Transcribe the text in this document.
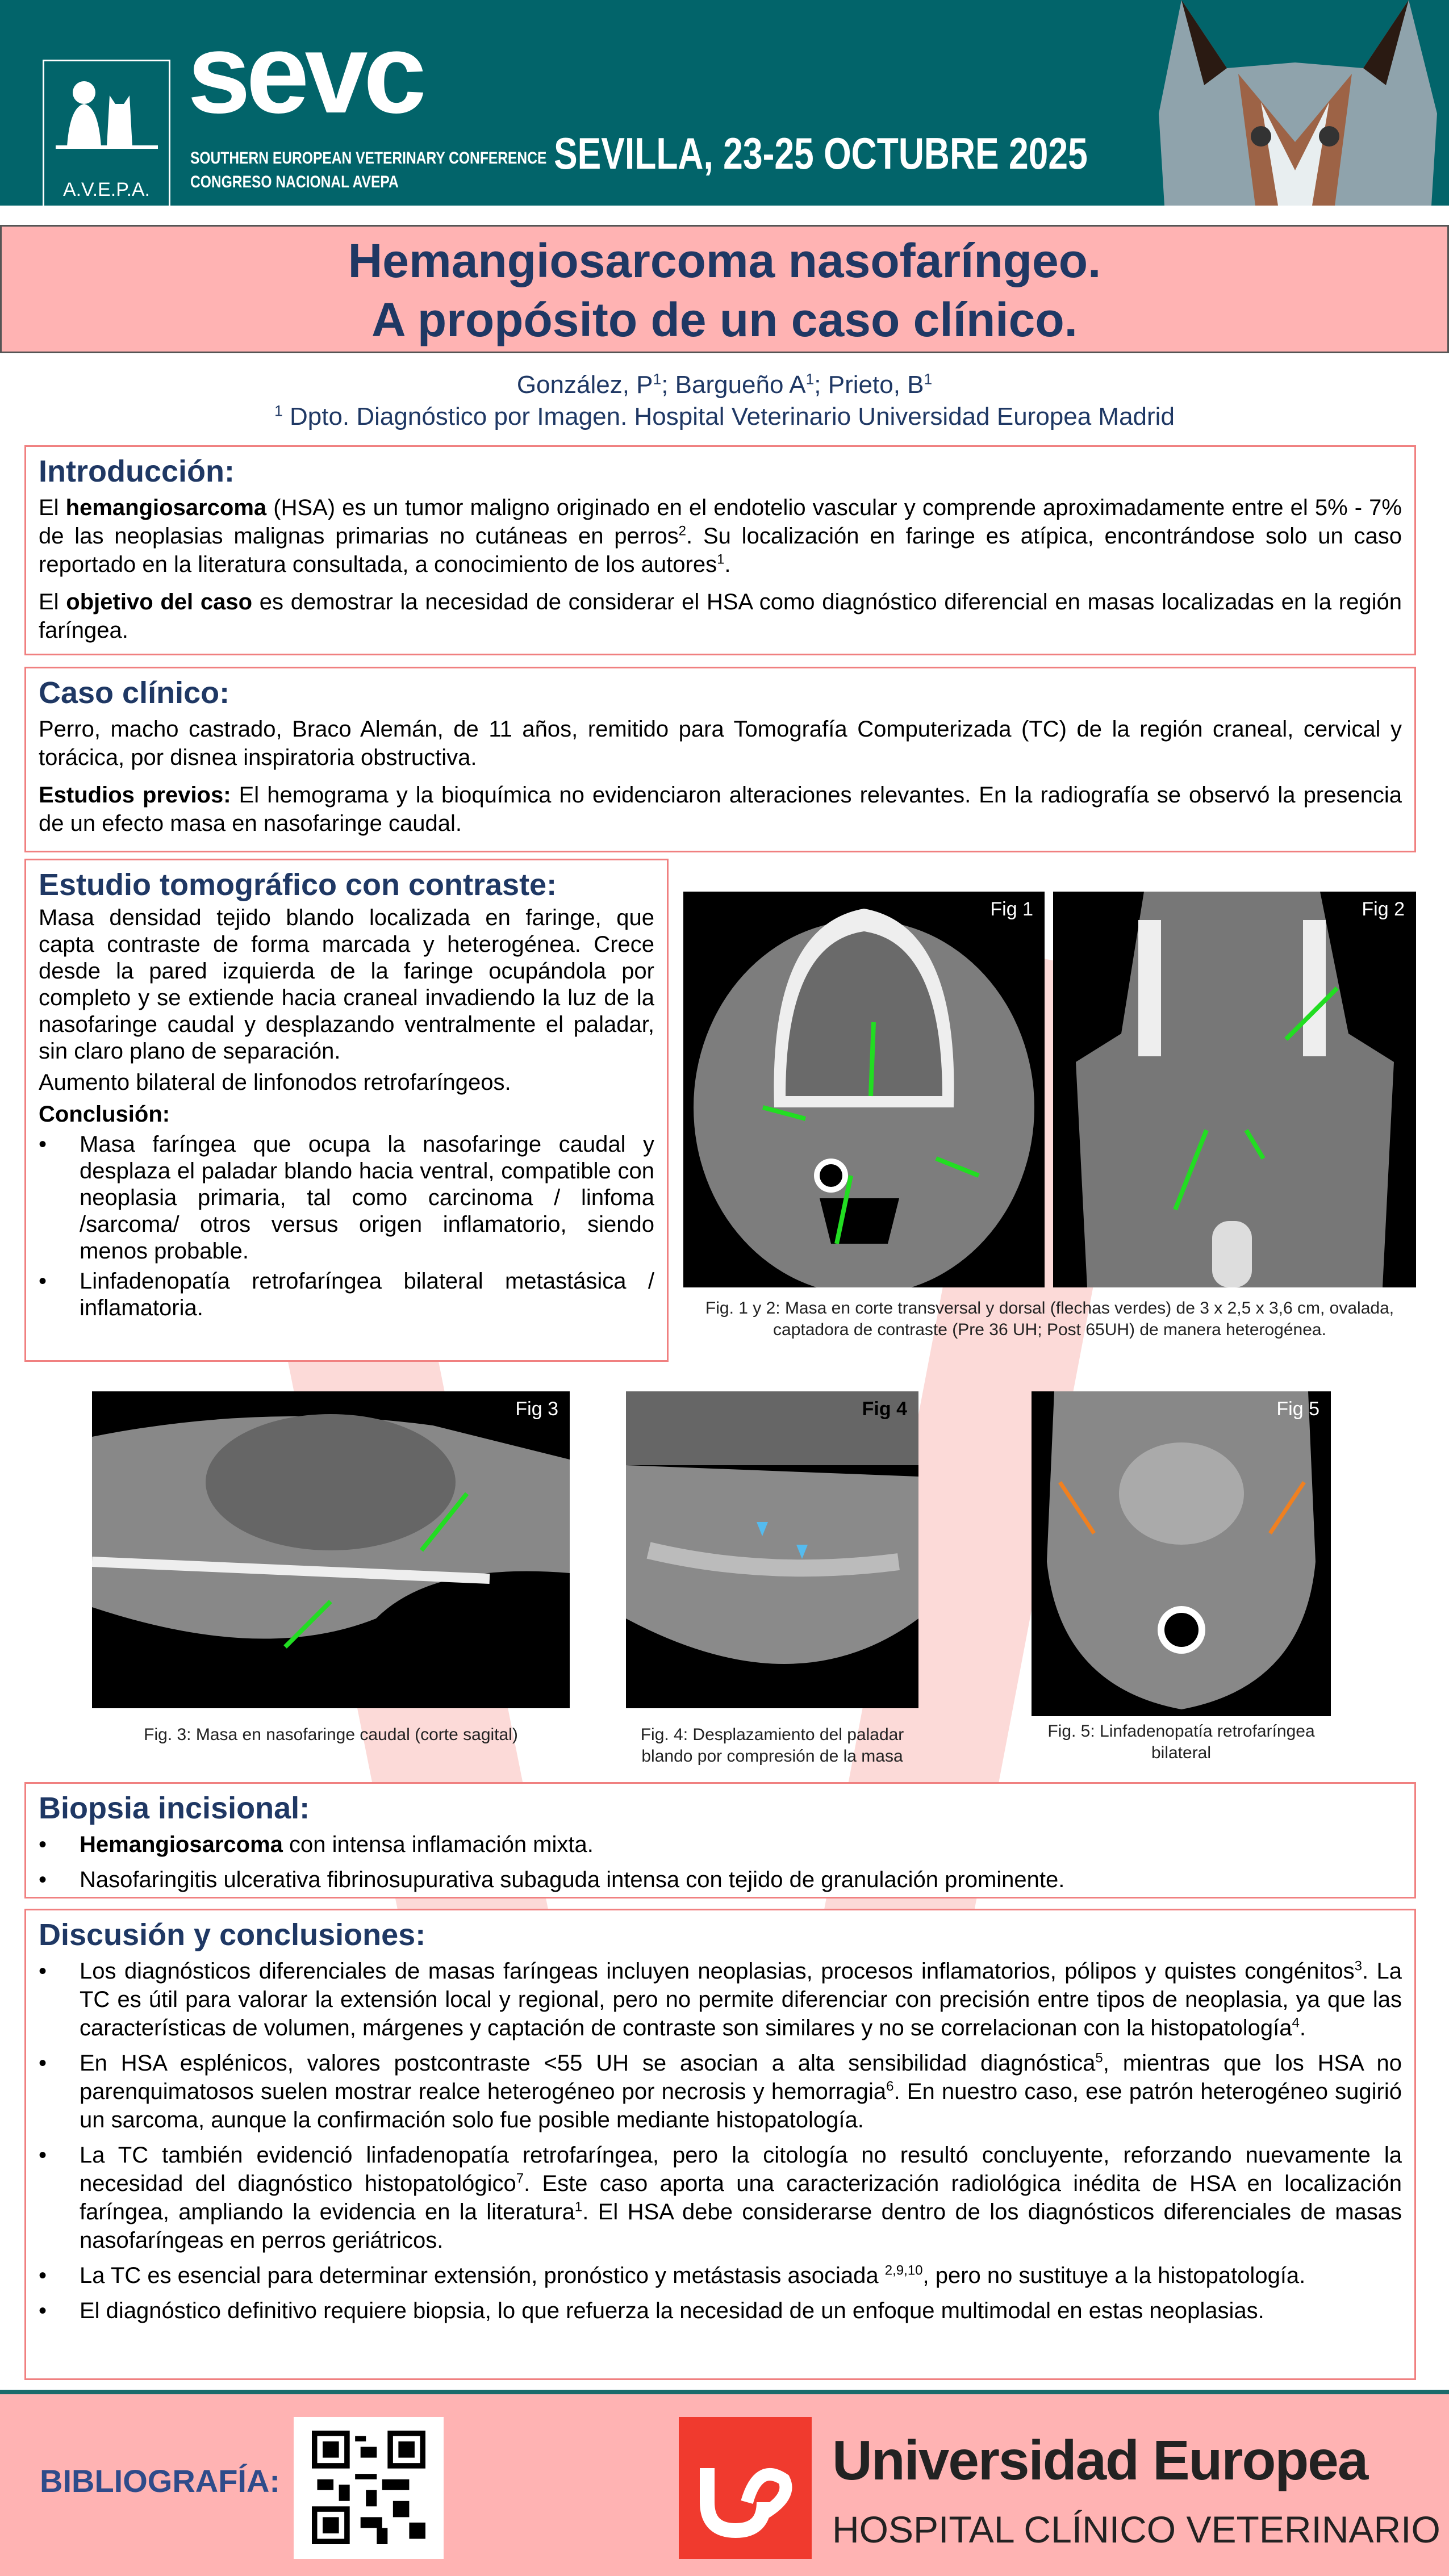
A.V.E.P.A.
sevc
SOUTHERN EUROPEAN VETERINARY CONFERENCE
CONGRESO NACIONAL AVEPA
SEVILLA, 23-25 OCTUBRE 2025
Hemangiosarcoma nasofaríngeo.
A propósito de un caso clínico.
González, $P^1$; Bargueño $A^1$; Prieto, $B^1$
$^1$ Dpto. Diagnóstico por Imagen. Hospital Veterinario Universidad Europea Madrid
Introducción:

El hemangiosarcoma (HSA) es un tumor maligno originado en el endotelio vascular y comprende aproximadamente entre el 5% - 7% de las neoplasias malignas primarias no cutáneas en perros$^2$. Su localización en faringe es atípica, encontrándose solo un caso reportado en la literatura consultada, a conocimiento de los autores$^1$.

El objetivo del caso es demostrar la necesidad de considerar el HSA como diagnóstico diferencial en masas localizadas en la región faríngea.

Caso clínico:

Perro, macho castrado, Braco Alemán, de 11 años, remitido para Tomografía Computerizada (TC) de la región craneal, cervical y torácica, por disnea inspiratoria obstructiva.

Estudios previos: El hemograma y la bioquímica no evidenciaron alteraciones relevantes. En la radiografía se observó la presencia de un efecto masa en nasofaringe caudal.

Estudio tomográfico con contraste:

Masa densidad tejido blando localizada en faringe, que capta contraste de forma marcada y heterogénea. Crece desde la pared izquierda de la faringe ocupándola por completo y se extiende hacia craneal invadiendo la luz de la nasofaringe caudal y desplazando ventralmente el paladar, sin claro plano de separación.

Aumento bilateral de linfonodos retrofaríngeos.

Conclusión:
• Masa faríngea que ocupa la nasofaringe caudal y desplaza el paladar blando hacia ventral, compatible con neoplasia primaria, tal como carcinoma / linfoma /sarcoma/ otros versus origen inflamatorio, siendo menos probable.
• Linfadenopatía retrofaríngea bilateral metastásica / inflamatoria.
Fig 1	Fig 2
Fig. 1 y 2: Masa en corte transversal y dorsal (flechas verdes) de 3 x 2,5 x 3,6 cm, ovalada, captadora de contraste (Pre 36 UH; Post 65UH) de manera heterogénea.
Fig 3
Fig. 3: Masa en nasofaringe caudal (corte sagital)
Fig 4
Fig. 4: Desplazamiento del paladar blando por compresión de la masa
Fig 5
Fig. 5: Linfadenopatía retrofaríngea bilateral
Biopsia incisional:
• Hemangiosarcoma con intensa inflamación mixta.
• Nasofaringitis ulcerativa fibrinosupurativa subaguda intensa con tejido de granulación prominente.
Discusión y conclusiones:
• Los diagnósticos diferenciales de masas faríngeas incluyen neoplasias, procesos inflamatorios, pólipos y quistes congénitos$^3$. La TC es útil para valorar la extensión local y regional, pero no permite diferenciar con precisión entre tipos de neoplasia, ya que las características de volumen, márgenes y captación de contraste son similares y no se correlacionan con la histopatología$^4$.
• En HSA esplénicos, valores postcontraste <55 UH se asocian a alta sensibilidad diagnóstica$^5$, mientras que los HSA no parenquimatosos suelen mostrar realce heterogéneo por necrosis y hemorragia$^6$. En nuestro caso, ese patrón heterogéneo sugirió un sarcoma, aunque la confirmación solo fue posible mediante histopatología.
• La TC también evidenció linfadenopatía retrofaríngea, pero la citología no resultó concluyente, reforzando nuevamente la necesidad del diagnóstico histopatológico$^7$. Este caso aporta una caracterización radiológica inédita de HSA en localización faríngea, ampliando la evidencia en la literatura$^1$. El HSA debe considerarse dentro de los diagnósticos diferenciales de masas nasofaríngeas en perros geriátricos.
• La TC es esencial para determinar extensión, pronóstico y metástasis asociada $^{2,9,10}$, pero no sustituye a la histopatología.
• El diagnóstico definitivo requiere biopsia, lo que refuerza la necesidad de un enfoque multimodal en estas neoplasias.
BIBLIOGRAFÍA:	Universidad Europea
HOSPITAL CLÍNICO VETERINARIO
